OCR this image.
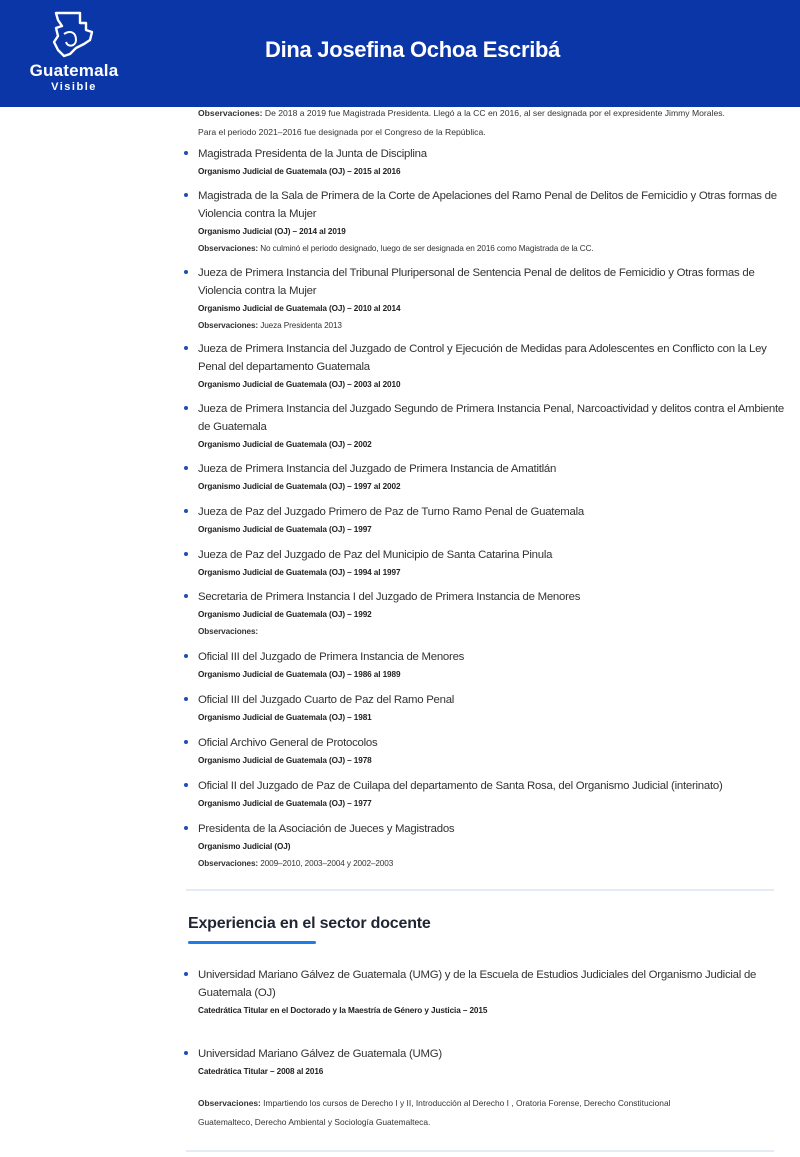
Observaciones: De 2018 a 2019 fue Magistrada Presidenta. Llegó a la CC en 2016, al ser designada por el expresidente Jimmy Morales.
Para el periodo 2021–2016 fue designada por el Congreso de la República.
Magistrada Presidenta de la Junta de Disciplina
Organismo Judicial de Guatemala (OJ) – 2015 al 2016
Magistrada de la Sala de Primera de la Corte de Apelaciones del Ramo Penal de Delitos de Femicidio y Otras formas de Violencia contra la Mujer
Organismo Judicial (OJ) – 2014 al 2019
Observaciones: No culminó el periodo designado, luego de ser designada en 2016 como Magistrada de la CC.
Jueza de Primera Instancia del Tribunal Pluripersonal de Sentencia Penal de delitos de Femicidio y Otras formas de Violencia contra la Mujer
Organismo Judicial de Guatemala (OJ) – 2010 al 2014
Observaciones: Jueza Presidenta 2013
Jueza de Primera Instancia del Juzgado de Control y Ejecución de Medidas para Adolescentes en Conflicto con la Ley Penal del departamento Guatemala
Organismo Judicial de Guatemala (OJ) – 2003 al 2010
Jueza de Primera Instancia del Juzgado Segundo de Primera Instancia Penal, Narcoactividad y delitos contra el Ambiente de Guatemala
Organismo Judicial de Guatemala (OJ) – 2002
Jueza de Primera Instancia del Juzgado de Primera Instancia de Amatitlán
Organismo Judicial de Guatemala (OJ) – 1997 al 2002
Jueza de Paz del Juzgado Primero de Paz de Turno Ramo Penal de Guatemala
Organismo Judicial de Guatemala (OJ) – 1997
Jueza de Paz del Juzgado de Paz del Municipio de Santa Catarina Pinula
Organismo Judicial de Guatemala (OJ) – 1994 al 1997
Secretaria de Primera Instancia I del Juzgado de Primera Instancia de Menores
Organismo Judicial de Guatemala (OJ) – 1992
Observaciones:
Oficial III del Juzgado de Primera Instancia de Menores
Organismo Judicial de Guatemala (OJ) – 1986 al 1989
Oficial III del Juzgado Cuarto de Paz del Ramo Penal
Organismo Judicial de Guatemala (OJ) – 1981
Oficial Archivo General de Protocolos
Organismo Judicial de Guatemala (OJ) – 1978
Oficial II del Juzgado de Paz de Cuilapa del departamento de Santa Rosa, del Organismo Judicial (interinato)
Organismo Judicial de Guatemala (OJ) – 1977
Presidenta de la Asociación de Jueces y Magistrados
Organismo Judicial (OJ)
Observaciones: 2009–2010, 2003–2004 y 2002–2003
Experiencia en el sector docente
Universidad Mariano Gálvez de Guatemala (UMG) y de la Escuela de Estudios Judiciales del Organismo Judicial de Guatemala (OJ)
Catedrática Titular en el Doctorado y la Maestría de Género y Justicia – 2015
Universidad Mariano Gálvez de Guatemala (UMG)
Catedrática Titular – 2008 al 2016
Observaciones: Impartiendo los cursos de Derecho I y II, Introducción al Derecho I , Oratoria Forense, Derecho Constitucional
Guatemalteco, Derecho Ambiental y Sociología Guatemalteca.
Guatemala
Visible
Dina Josefina Ochoa Escribá
